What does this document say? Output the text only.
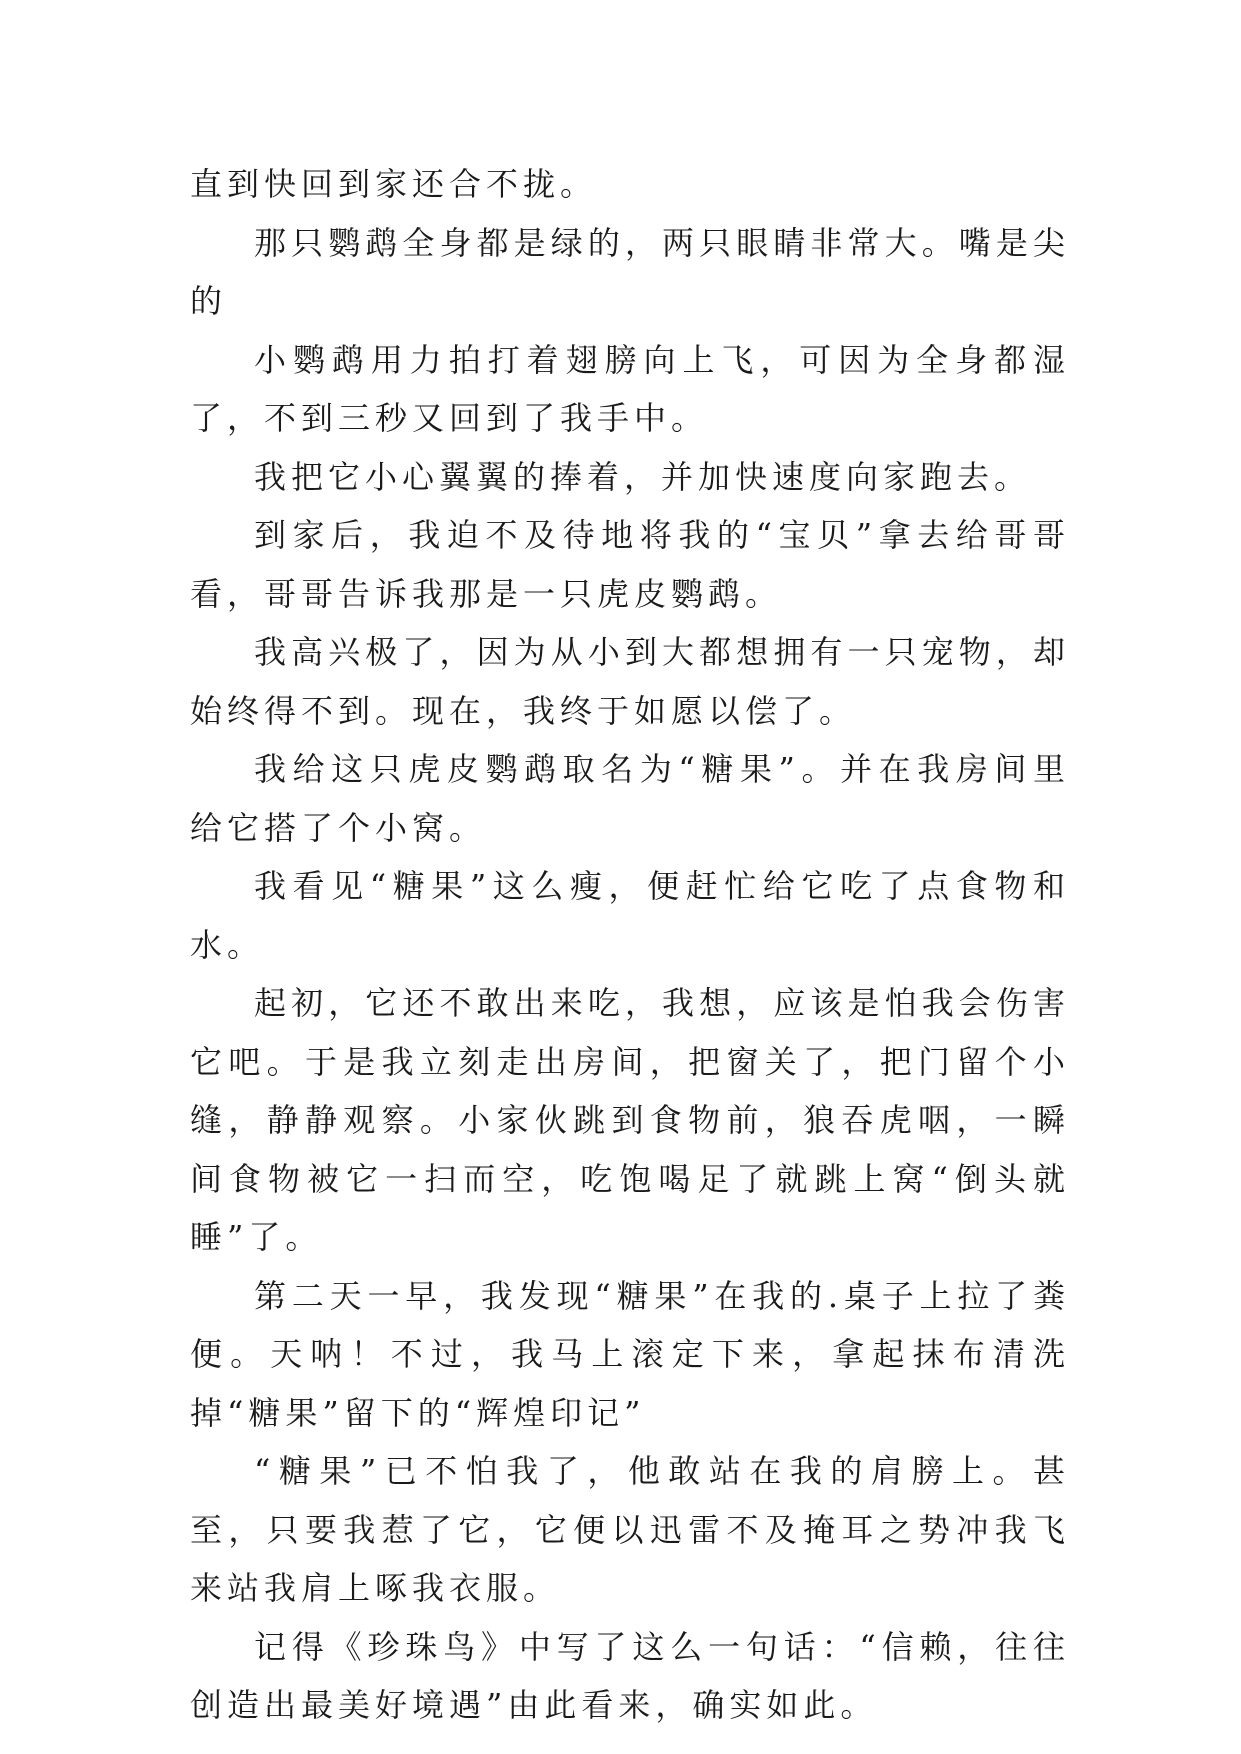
直到快回到家还合不拢。

那只鹦鹉全身都是绿的，两只眼睛非常大。嘴是尖的

小鹦鹉用力拍打着翅膀向上飞，可因为全身都湿了，不到三秒又回到了我手中。

我把它小心翼翼的捧着，并加快速度向家跑去。

到家后，我迫不及待地将我的“宝贝”拿去给哥哥看，哥哥告诉我那是一只虎皮鹦鹉。

我高兴极了，因为从小到大都想拥有一只宠物，却始终得不到。现在，我终于如愿以偿了。

我给这只虎皮鹦鹉取名为“糖果”。并在我房间里给它搭了个小窝。

我看见“糖果”这么瘦，便赶忙给它吃了点食物和水。

起初，它还不敢出来吃，我想，应该是怕我会伤害它吧。于是我立刻走出房间，把窗关了，把门留个小缝，静静观察。小家伙跳到食物前，狼吞虎咽，一瞬间食物被它一扫而空，吃饱喝足了就跳上窝“倒头就睡”了。

第二天一早，我发现“糖果”在我的.桌子上拉了粪便。天呐！不过，我马上滚定下来，拿起抹布清洗掉“糖果”留下的“辉煌印记”

“糖果”已不怕我了，他敢站在我的肩膀上。甚至，只要我惹了它，它便以迅雷不及掩耳之势冲我飞来站我肩上啄我衣服。

记得《珍珠鸟》中写了这么一句话：“信赖，往往创造出最美好境遇”由此看来，确实如此。
